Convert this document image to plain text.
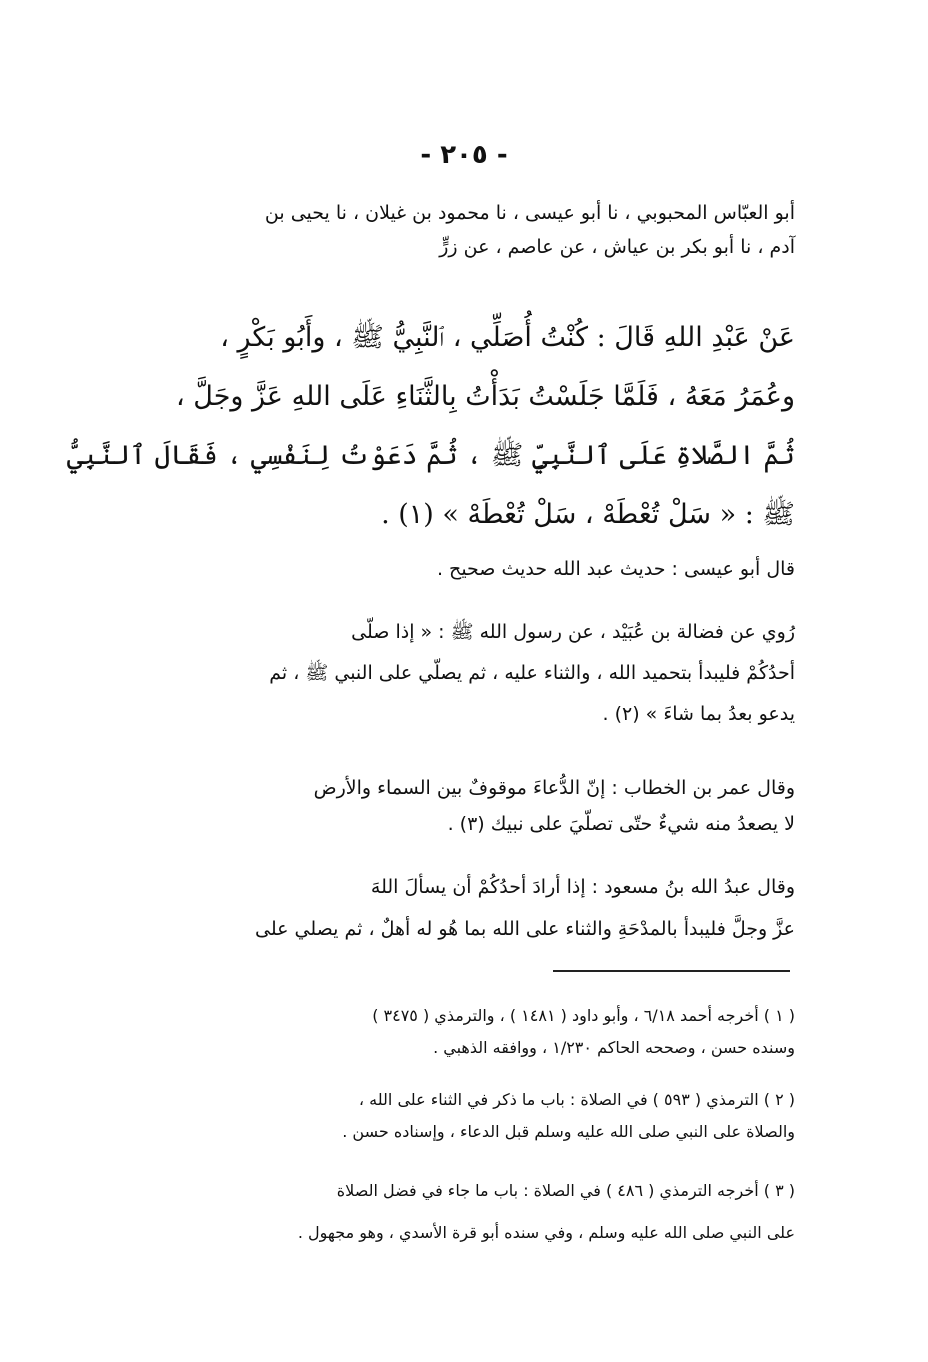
- ٢٠٥ -
أبو العبّاس المحبوبي ، نا أبو عيسى ، نا محمود بن غيلان ، نا يحيى بن
آدم ، نا أبو بكر بن عياش ، عن عاصم ، عن زرٍّ
عَنْ عَبْدِ اللهِ قَالَ : كُنْتُ أُصَلِّي ، ٱلنَّبِيُّ ﷺ ، وأَبُو بَكْرٍ ،
وعُمَرُ مَعَهُ ، فَلَمَّا جَلَسْتُ بَدَأْتُ بِالثَّنَاءِ عَلَى اللهِ عَزَّ وجَلَّ ،
ثُمَّ الصَّلاةِ عَلَى ٱلنَّبِيِّ ﷺ ، ثُمَّ دَعَوْتُ لِنَفْسِي ، فَقَالَ ٱلنَّبِيُّ
ﷺ : « سَلْ تُعْطَهْ ، سَلْ تُعْطَهْ » (١) .
قال أبو عيسى : حديث عبد الله حديث صحيح .
رُوي عن فضالة بن عُبَيْد ، عن رسول الله ﷺ : « إذا صلّى
أحدُكُمْ فليبدأ بتحميد الله ، والثناء عليه ، ثم يصلّي على النبي ﷺ ، ثم
يدعو بعدُ بما شاءَ » (٢) .
وقال عمر بن الخطاب : إنّ الدُّعاءَ موقوفٌ بين السماء والأرض
لا يصعدُ منه شيءٌ حتّى تصلّيَ على نبيك (٣) .
وقال عبدُ الله بنُ مسعود : إذا أرادَ أحدُكُمْ أن يسألَ اللهَ
عزَّ وجلَّ فليبدأ بالمدْحَةِ والثناء على الله بما هُو له أهلٌ ، ثم يصلي على
( ١ ) أخرجه أحمد ٦/١٨ ، وأبو داود ( ١٤٨١ ) ، والترمذي ( ٣٤٧٥ )
وسنده حسن ، وصححه الحاكم ١/٢٣٠ ، ووافقه الذهبي .
( ٢ ) الترمذي ( ٥٩٣ ) في الصلاة : باب ما ذكر في الثناء على الله ،
والصلاة على النبي صلى الله عليه وسلم قبل الدعاء ، وإسناده حسن .
( ٣ ) أخرجه الترمذي ( ٤٨٦ ) في الصلاة : باب ما جاء في فضل الصلاة
على النبي صلى الله عليه وسلم ، وفي سنده أبو قرة الأسدي ، وهو مجهول .
